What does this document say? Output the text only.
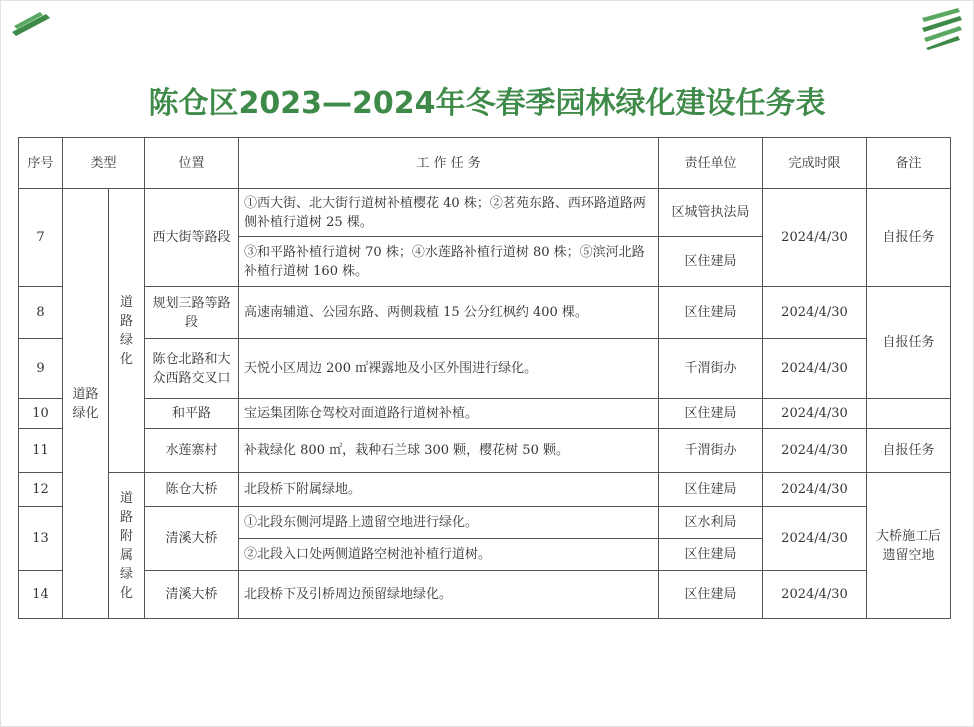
陈仓区2023—2024年冬春季园林绿化建设任务表
序号	类型		位置	工 作 任 务	责任单位	完成时限	备注
7	道路绿化	道路绿化	西大街等路段	①西大街、北大街行道树补植樱花 40 株；②茗苑东路、西环路道路两侧补植行道树 25 棵。	区城管执法局	2024/4/30	自报任务
				③和平路补植行道树 70 株；④水莲路补植行道树 80 株；⑤滨河北路补植行道树 160 株。	区住建局		
8			规划三路等路段	高速南辅道、公园东路、两侧栽植 15 公分红枫约 400 棵。	区住建局	2024/4/30	自报任务
9			陈仓北路和大众西路交叉口	天悦小区周边 200 ㎡裸露地及小区外围进行绿化。	千渭街办	2024/4/30	
10			和平路	宝运集团陈仓驾校对面道路行道树补植。	区住建局	2024/4/30	
11			水莲寨村	补栽绿化 800 ㎡，栽种石兰球 300 颗，樱花树 50 颗。	千渭街办	2024/4/30	自报任务
12		道路附属绿化	陈仓大桥	北段桥下附属绿地。	区住建局	2024/4/30	大桥施工后遗留空地
13			清溪大桥	①北段东侧河堤路上遗留空地进行绿化。	区水利局	2024/4/30	
				②北段入口处两侧道路空树池补植行道树。	区住建局		
14			清溪大桥	北段桥下及引桥周边预留绿地绿化。	区住建局	2024/4/30	
